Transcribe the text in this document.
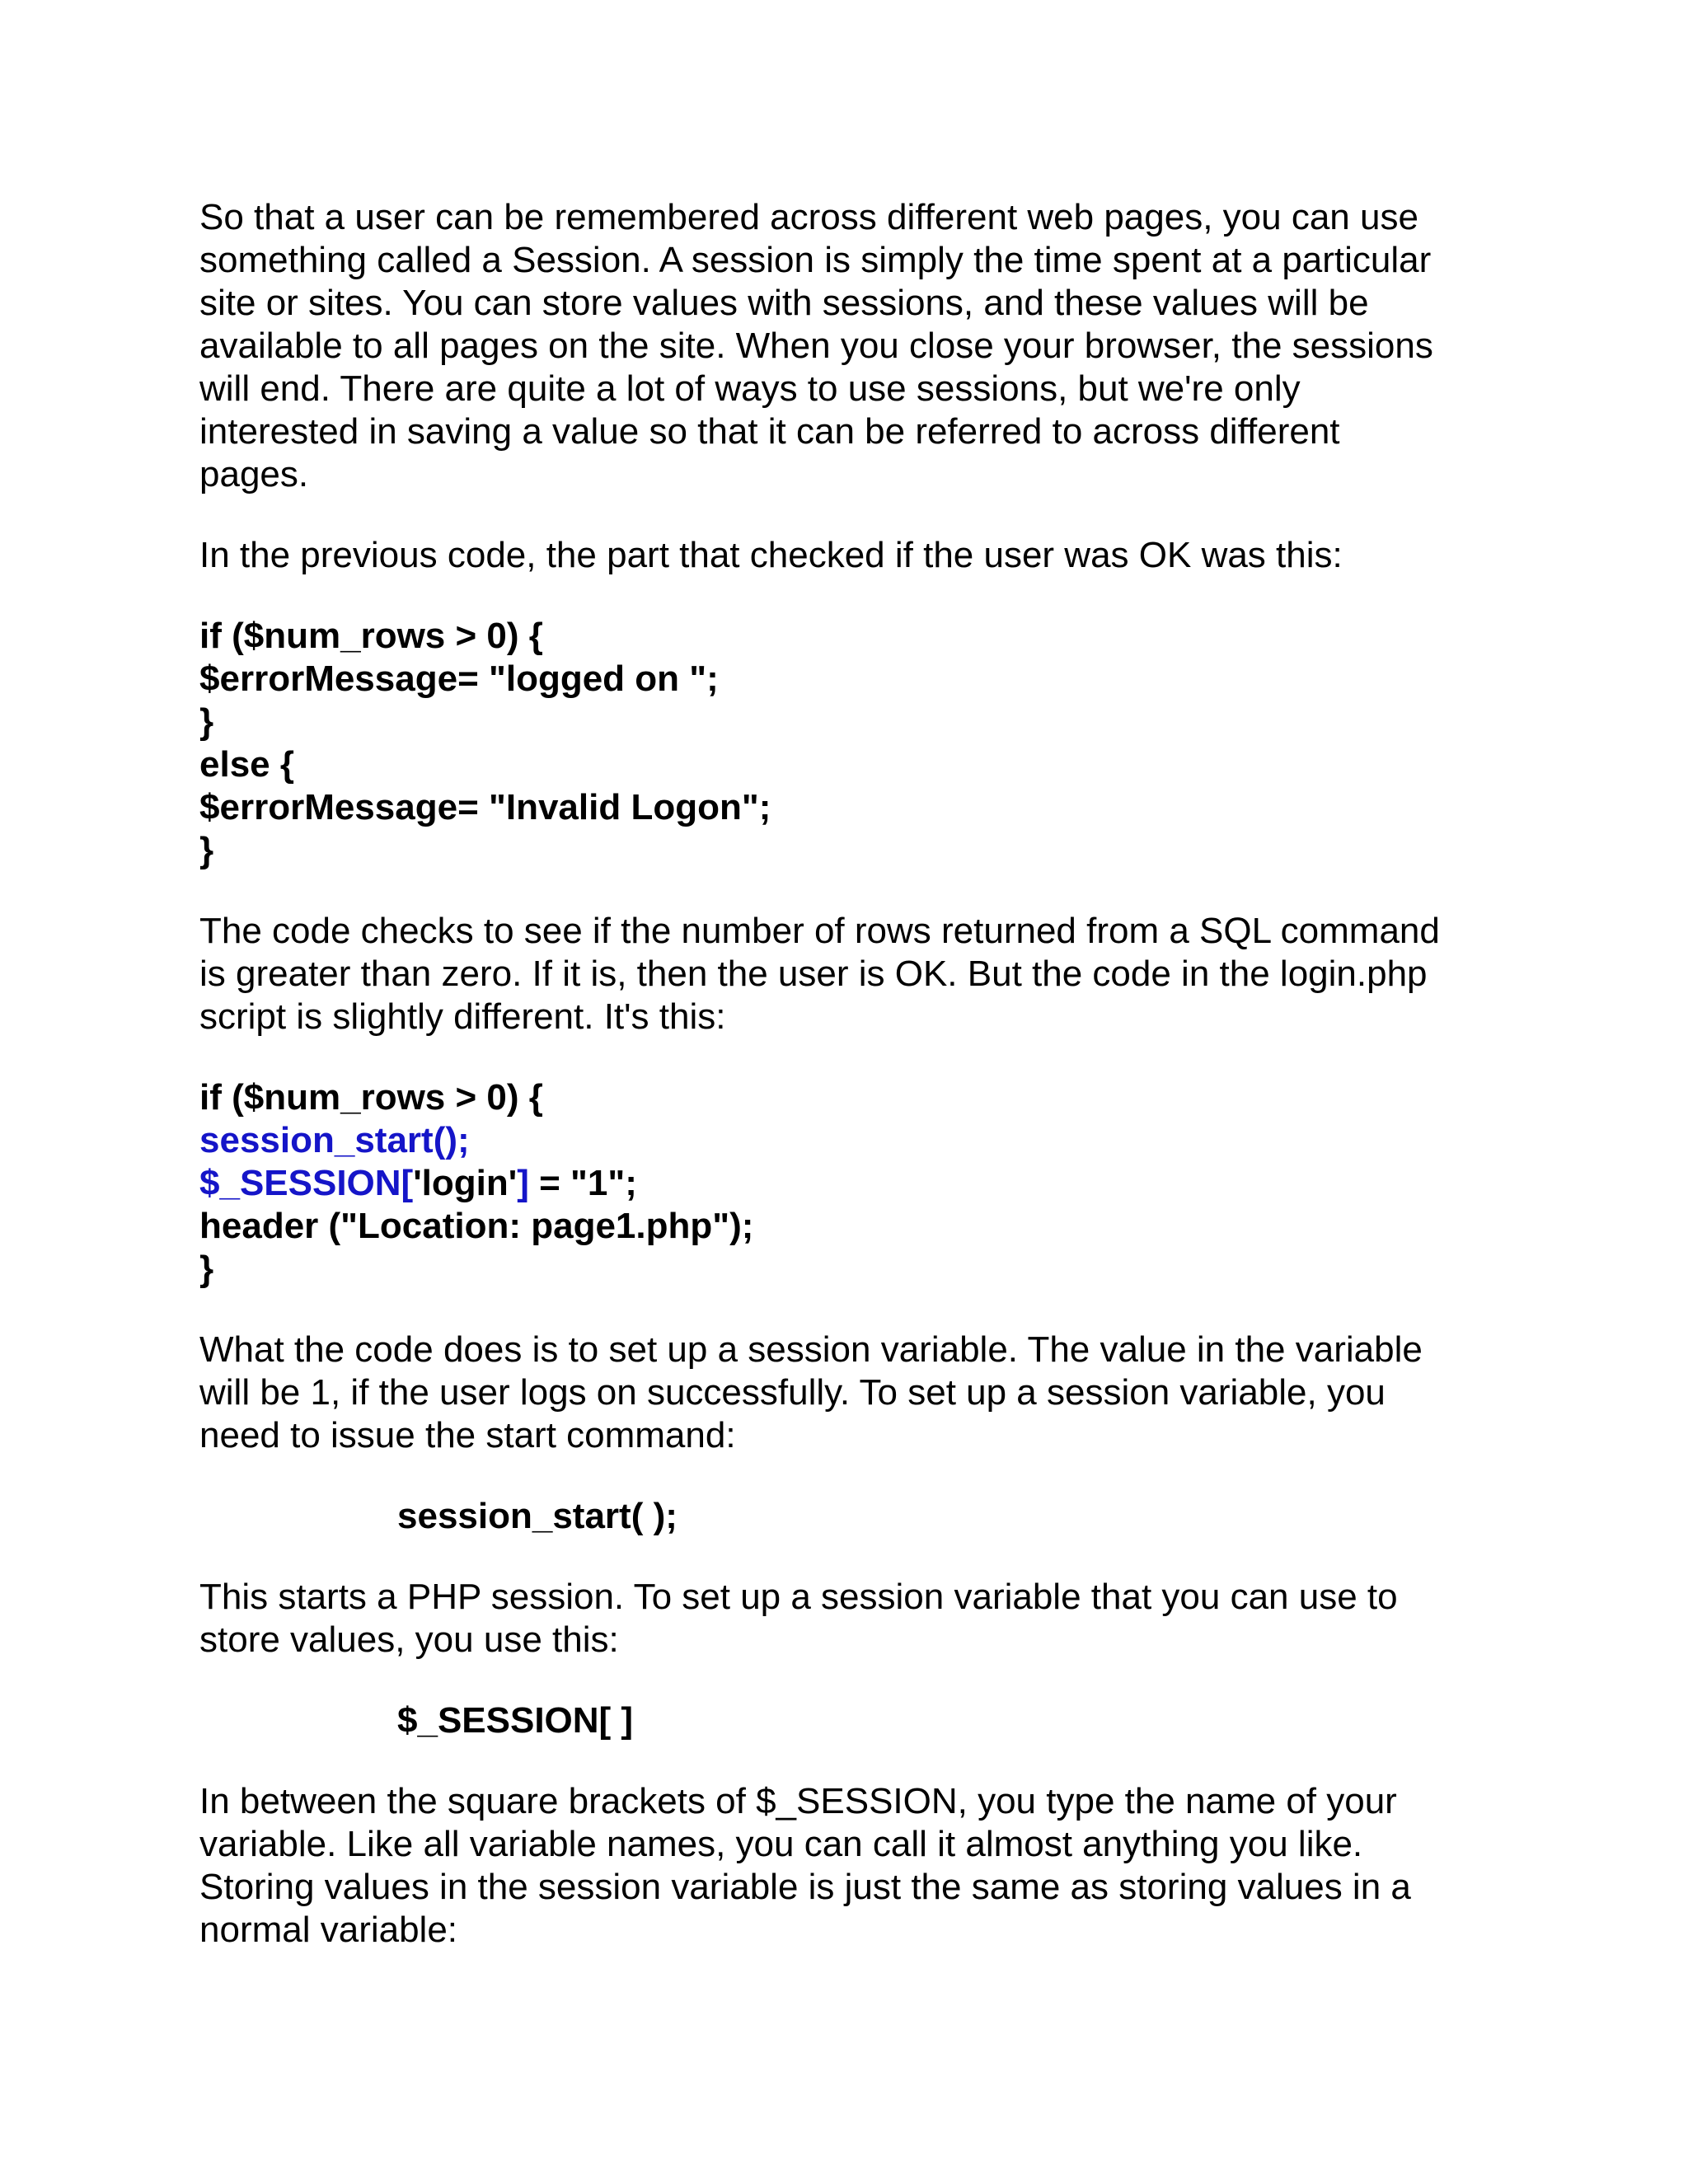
So that a user can be remembered across different web pages, you can use
something called a Session. A session is simply the time spent at a particular
site or sites. You can store values with sessions, and these values will be
available to all pages on the site. When you close your browser, the sessions
will end. There are quite a lot of ways to use sessions, but we're only
interested in saving a value so that it can be referred to across different
pages.

In the previous code, the part that checked if the user was OK was this:

if ($num_rows > 0) {
$errorMessage= "logged on ";
}
else {
$errorMessage= "Invalid Logon";
}

The code checks to see if the number of rows returned from a SQL command
is greater than zero. If it is, then the user is OK. But the code in the login.php
script is slightly different. It's this:

if ($num_rows > 0) {
session_start();
$_SESSION['login'] = "1";
header ("Location: page1.php");
}

What the code does is to set up a session variable. The value in the variable
will be 1, if the user logs on successfully. To set up a session variable, you
need to issue the start command:

session_start( );

This starts a PHP session. To set up a session variable that you can use to
store values, you use this:

$_SESSION[ ]

In between the square brackets of $_SESSION, you type the name of your
variable. Like all variable names, you can call it almost anything you like.
Storing values in the session variable is just the same as storing values in a
normal variable:
